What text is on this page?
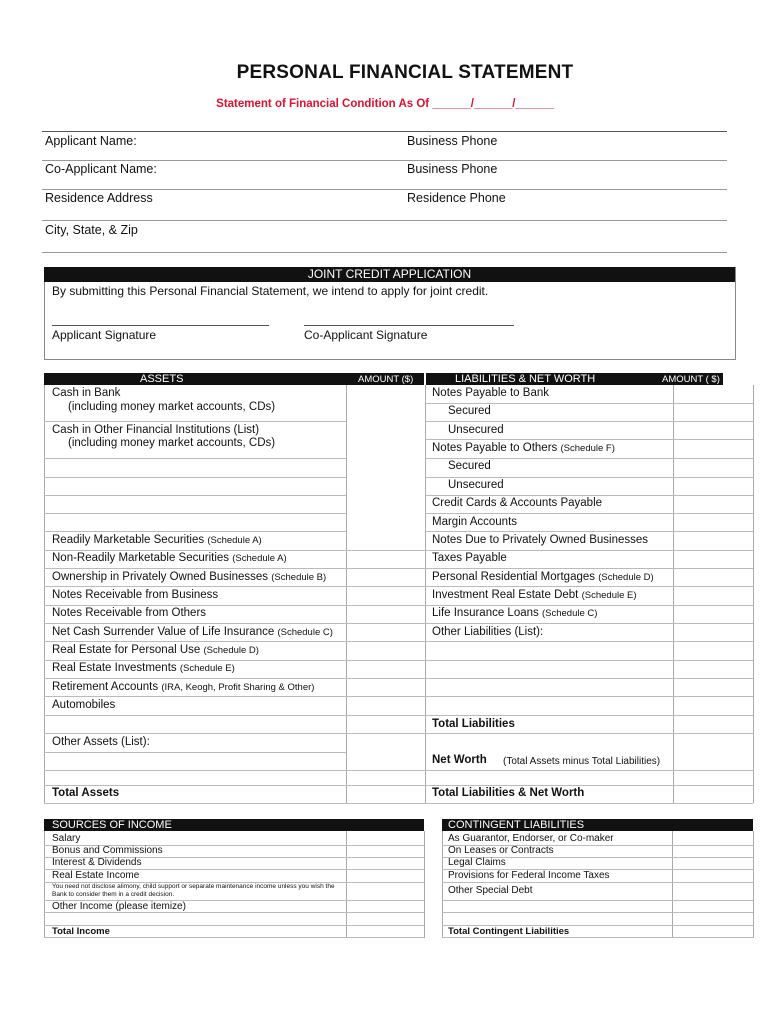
PERSONAL FINANCIAL STATEMENT
Statement of Financial Condition As Of ______/______/______
Applicant Name:	Business Phone
Co-Applicant Name:	Business Phone
Residence Address	Residence Phone
City, State, & Zip
JOINT CREDIT APPLICATION
By submitting this Personal Financial Statement, we intend to apply for joint credit.
Applicant Signature	Co-Applicant Signature
ASSETS	AMOUNT ($)	LIABILITIES & NET WORTH	AMOUNT ( $)
Cash in Bank
(including money market accounts, CDs)
Cash in Other Financial Institutions (List)
(including money market accounts, CDs)
Readily Marketable Securities (Schedule A)
Non-Readily Marketable Securities (Schedule A)
Ownership in Privately Owned Businesses (Schedule B)
Notes Receivable from Business
Notes Receivable from Others
Net Cash Surrender Value of Life Insurance (Schedule C)
Real Estate for Personal Use (Schedule D)
Real Estate Investments (Schedule E)
Retirement Accounts (IRA, Keogh, Profit Sharing & Other)
Automobiles
Other Assets (List):
Total Assets
Notes Payable to Bank
Secured
Unsecured
Notes Payable to Others (Schedule F)
Secured
Unsecured
Credit Cards & Accounts Payable
Margin Accounts
Notes Due to Privately Owned Businesses
Taxes Payable
Personal Residential Mortgages (Schedule D)
Investment Real Estate Debt (Schedule E)
Life Insurance Loans (Schedule C)
Other Liabilities (List):
Total Liabilities
Net Worth (Total Assets minus Total Liabilities)
Total Liabilities & Net Worth
SOURCES OF INCOME
Salary
Bonus and Commissions
Interest & Dividends
Real Estate Income
You need not disclose alimony, child support or separate maintenance income unless you wish the Bank to consider them in a credit decision.
Other Income (please itemize)
Total Income
CONTINGENT LIABILITIES
As Guarantor, Endorser, or Co-maker
On Leases or Contracts
Legal Claims
Provisions for Federal Income Taxes
Other Special Debt
Total Contingent Liabilities
